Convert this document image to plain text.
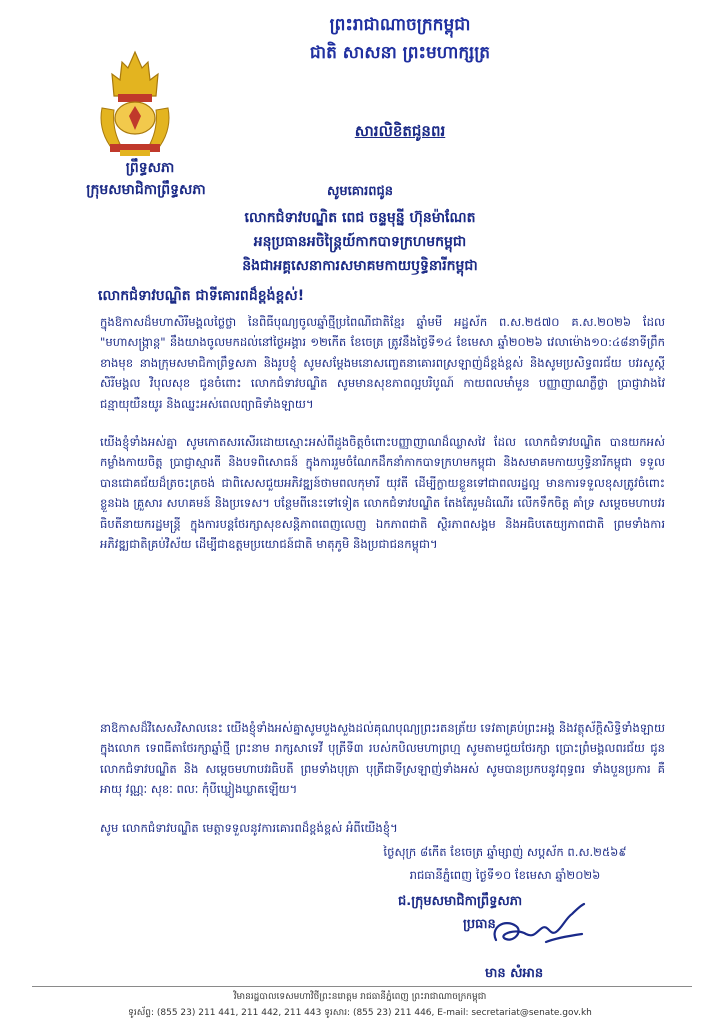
ព្រះរាជាណាចក្រកម្ពុជា
ជាតិ សាសនា ព្រះមហាក្សត្រ
ព្រឹទ្ធសភា
ក្រុមសមាជិកាព្រឹទ្ធសភា
សារលិខិតជូនពរ
សូមគោរពជូន
លោកជំទាវបណ្ឌិត ពេជ ចន្ទមុន្នី ហ៊ុនម៉ាណែត
អនុប្រធានអចិន្ត្រៃយ៍កាកបាទក្រហមកម្ពុជា
និងជាអគ្គសេនាការសមាគមកាយឫទ្ធិនារីកម្ពុជា
លោកជំទាវបណ្ឌិត ជាទីគោរពដ៏ខ្ពង់ខ្ពស់!

ក្នុងឱកាសដ៏មហាសិរីមង្គលថ្លៃថ្លា នៃពិធីបុណ្យចូលឆ្នាំថ្មីប្រពៃណីជាតិខ្មែរ ឆ្នាំមមី អដ្ឋស័ក ព.ស.២៥៧០ គ.ស.២០២៦ ដែល "មហាសង្ក្រាន្ត" នឹងយាងចូលមកដល់នៅថ្ងៃអង្គារ ១២កើត ខែចេត្រ ត្រូវនឹងថ្ងៃទី១៤ ខែមេសា ឆ្នាំ២០២៦ វេលាម៉ោង១០:៤៨នាទីព្រឹក ខាងមុខ នាងក្រុមសមាជិកាព្រឹទ្ធសភា និងរូបខ្ញុំ សូមសម្តែងមនោសញ្ចេតនាគោរពស្រឡាញ់ដ៏ខ្ពង់ខ្ពស់ និងសូមប្រសិទ្ធពរជ័យ បវរសួស្តី សិរីមង្គល វិបុលសុខ ជូនចំពោះ លោកជំទាវបណ្ឌិត សូមមានសុខភាពល្អបរិបូណ៍ កាយពលមាំមួន បញ្ញាញាណភ្លឺថ្លា ប្រាជ្ញាវាងវៃ ជន្មាយុយឺនយូរ និងឈ្នះអស់ពេលព្យាធិទាំងឡាយ។

យើងខ្ញុំទាំងអស់គ្នា សូមកោតសរសើរដោយស្មោះអស់ពីដួងចិត្តចំពោះបញ្ញាញាណដ៏ឈ្លាសវៃ ដែល លោកជំទាវបណ្ឌិត បានយកអស់កម្លាំងកាយចិត្ត ប្រាជ្ញាស្មារតី និងបទពិសោធន៍ ក្នុងការរួមចំណែកដឹកនាំកាកបាទក្រហមកម្ពុជា និងសមាគមកាយឫទ្ធិនារីកម្ពុជា ទទួលបានជោគជ័យដ៏ត្រចះត្រចង់ ជាពិសេសជួយអភិវឌ្ឍន៍ថាមពលកុមារី យុវតី ដើម្បីក្លាយខ្លួនទៅជាពលរដ្ឋល្អ មានការទទួលខុសត្រូវចំពោះខ្លួនឯង គ្រួសារ សហគមន៍ និងប្រទេស។ បន្ថែមពីនេះទៅទៀត លោកជំទាវបណ្ឌិត តែងតែរួមដំណើរ លើកទឹកចិត្ត គាំទ្រ សម្តេចមហាបវរធិបតីនាយករដ្ឋមន្ត្រី ក្នុងការបន្តថែរក្សាសុខសន្តិភាពពេញលេញ ឯកភាពជាតិ ស្ថិរភាពសង្គម និងអធិបតេយ្យភាពជាតិ ព្រមទាំងការអភិវឌ្ឍជាតិគ្រប់វិស័យ ដើម្បីជាឧត្តមប្រយោជន៍ជាតិ មាតុភូមិ និងប្រជាជនកម្ពុជា។

នាឱកាសដ៏វិសេសវិសាលនេះ យើងខ្ញុំទាំងអស់គ្នាសូមបួងសួងដល់គុណបុណ្យព្រះរតនត្រ័យ ទេវតាគ្រប់ព្រះអង្គ និងវត្ថុស័ក្តិសិទ្ធិទាំងឡាយក្នុងលោក ទេពធីតាថែរក្សាឆ្នាំថ្មី ព្រះនាម រាក្សសាទេវី បុត្រីទី៣ របស់កបិលមហាព្រហ្ម សូមតាមជួយថែរក្សា ប្រោះព្រំមង្គលពរជ័យ ជូន លោកជំទាវបណ្ឌិត និង សម្តេចមហាបវរធិបតី ព្រមទាំងបុត្រា បុត្រីជាទីស្រឡាញ់ទាំងអស់ សូមបានប្រកបនូវពុទ្ធពរ ទាំងបួនប្រការ គឺ អាយុ វណ្ណៈ សុខៈ ពលៈ កុំបីឃ្លៀងឃ្លាតឡើយ។

សូម លោកជំទាវបណ្ឌិត មេត្តាទទួលនូវការគោរពដ៏ខ្ពង់ខ្ពស់ អំពីយើងខ្ញុំ។

ថ្ងៃសុក្រ ៨កើត ខែចេត្រ ឆ្នាំម្សាញ់ សប្តស័ក ព.ស.២៥៦៩
រាជធានីភ្នំពេញ ថ្ងៃទី១០ ខែមេសា ឆ្នាំ២០២៦
ជ.ក្រុមសមាជិកាព្រឹទ្ធសភា
ប្រធាន
មាន សំអាន
វិមានរដ្ឋបាលទេសមហាវិថីព្រះនរោត្តម រាជធានីភ្នំពេញ ព្រះរាជាណាចក្រកម្ពុជា
ទូរស័ព្ទ: (855 23) 211 441, 211 442, 211 443 ទូរសារ: (855 23) 211 446, E-mail: secretariat@senate.gov.kh
